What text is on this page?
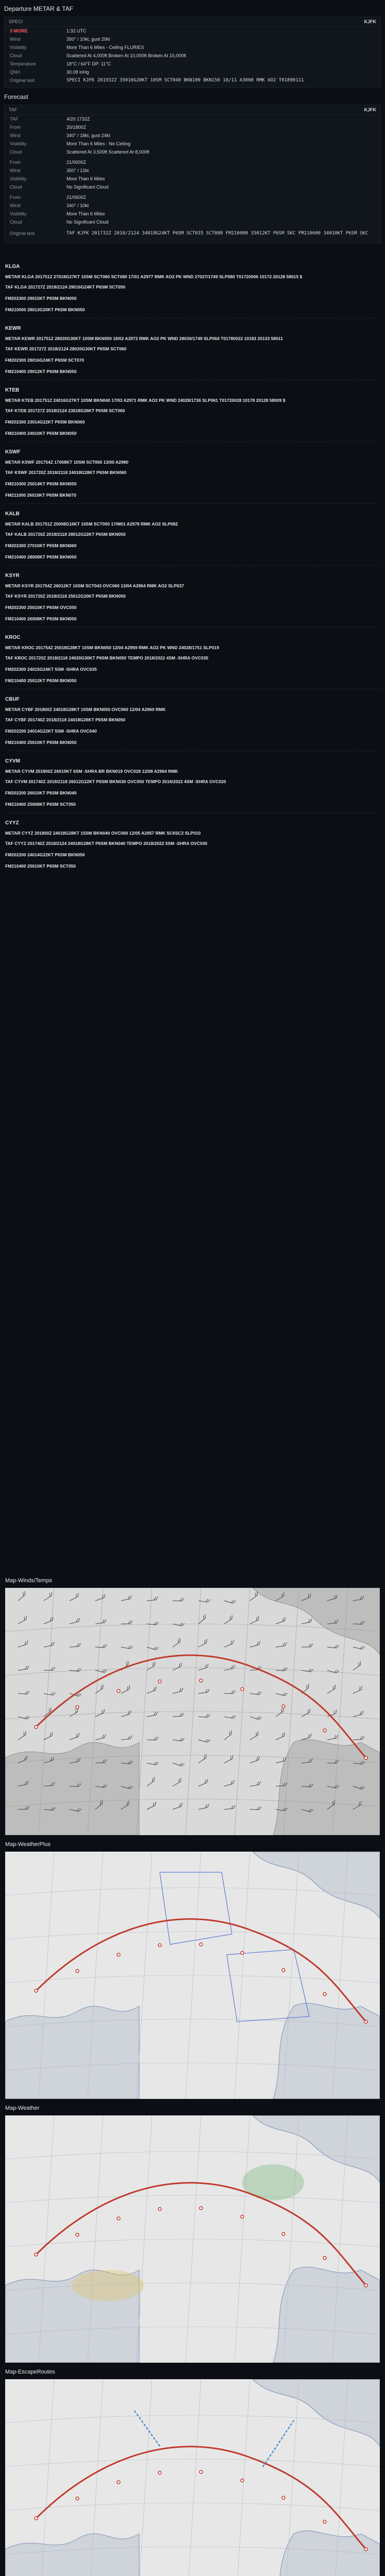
Departure METAR & TAF
SPECI	KJFK
3 MORE	1:32 UTC
Wind	350° / 10kt, gust 20kt
Visibility	More Than 6 Miles - Ceiling FLURIES
Cloud	Scattered At 4,000ft Broken At 10,000ft Broken At 15,000ft
Temperature	18°C / 64°F DP: 11°C
QNH	30.08 inHg
Original text	SPECI KJFK 201932Z 35010G20KT 10SM SCT040 BKN100 BKN150 18/11 A3008 RMK AO2 T01890111
Forecast
TAF	KJFK
TAF	4/20 1732Z
From	20/1800Z
Wind	340° / 18kt, gust 24kt
Visibility	More Than 6 Miles - No Ceiling
Cloud	Scattered At 3,500ft Scattered At 8,000ft
From	21/0000Z
Wind	350° / 12kt
Visibility	More Than 6 Miles
Cloud	No Significant Cloud
From	21/0600Z
Wind	340° / 10kt
Visibility	More Than 6 Miles
Cloud	No Significant Cloud
Original text	TAF KJFK 201732Z 2018/2124 34018G24KT P6SM SCT035 SCT080 FM210000 35012KT P6SM SKC FM210600 34010KT P6SM SKC
KLGA
METAR KLGA 201751Z 27018G27KT 10SM SCT060 SCT080 17/01 A2977 RMK AO2 PK WND 27027/1749 SLP080 T01720006 10172 20128 58015 $
TAF KLGA 201727Z 2018/2124 29016G24KT P6SM SCT050
FM202300 29015KT P6SM BKN050
FM210000 28013G20KT P6SM BKN050
KEWR
METAR KEWR 201751Z 28020G30KT 10SM BKN050 18/02 A2972 RMK AO2 PK WND 28030/1749 SLP064 T01780022 10183 20133 58011
TAF KEWR 201727Z 2018/2124 28020G30KT P6SM SCT060
FM202300 28016G24KT P6SM SCT070
FM210400 29012KT P6SM BKN050
KTEB
METAR KTEB 201751Z 24016G27KT 10SM BKN040 17/03 A2971 RMK AO2 PK WND 24028/1736 SLP061 T01720028 10178 20128 58009 $
TAF KTEB 201727Z 2018/2124 23018G26KT P6SM SCT060
FM202300 23014G22KT P6SM BKN060
FM210400 24010KT P6SM BKN050
KSWF
METAR KSWF 201754Z 17008KT 10SM SCT060 13/00 A2980
TAF KSWF 201720Z 2018/2118 24018G28KT P6SM BKN060
FM210300 25014KT P6SM BKN050
FM211000 26010KT P6SM BKN070
KALB
METAR KALB 201751Z 25008G16KT 10SM SCT050 17/M01 A2978 RMK AO2 SLP082
TAF KALB 201720Z 2018/2118 28012G22KT P6SM BKN050
FM202300 27010KT P6SM BKN060
FM210400 28008KT P6SM BKN050
KSYR
METAR KSYR 201754Z 26012KT 10SM SCT043 OVC060 13/04 A2964 RMK AO2 SLP037
TAF KSYR 201720Z 2018/2118 25012G20KT P6SM BKN050
FM202300 25010KT P6SM OVC050
FM210400 26008KT P6SM BKN050
KROC
METAR KROC 201754Z 25018G28KT 10SM BKN050 12/04 A2959 RMK AO2 PK WND 24028/1751 SLP019
TAF KROC 201720Z 2018/2118 24020G30KT P6SM BKN050 TEMPO 2018/2022 4SM -SHRA OVC035
FM202300 24015G24KT 5SM -SHRA OVC035
FM210400 25012KT P6SM BKN050
CBUF
METAR CYBF 201800Z 24018G28KT 10SM BKN050 OVC060 12/04 A2960 RMK
TAF CYBF 201740Z 2018/2118 24018G28KT P6SM BKN050
FM202200 24014G22KT 5SM -SHRA OVC040
FM210400 25010KT P6SM BKN050
CYVM
METAR CYVM 201800Z 26010KT 6SM -SHRA BR BKN019 OVC028 12/08 A2964 RMK
TAF CYVM 201740Z 2018/2118 26012G22KT P6SM BKN030 OVC050 TEMPO 2018/2022 4SM -SHRA OVC020
FM202200 26010KT P6SM BKN040
FM210400 25008KT P6SM SCT050
CYYZ
METAR CYYZ 201800Z 24018G28KT 15SM BKN040 OVC060 12/05 A2957 RMK SC6SC2 SLP010
TAF CYYZ 201740Z 2018/2124 24018G28KT P6SM BKN040 TEMPO 2018/2022 5SM -SHRA OVC030
FM202200 24014G22KT P6SM BKN050
FM210400 25010KT P6SM SCT050
Map-Winds/Temps
Map-WeatherPlus
Map-Weather
Map-EscapeRoutes
